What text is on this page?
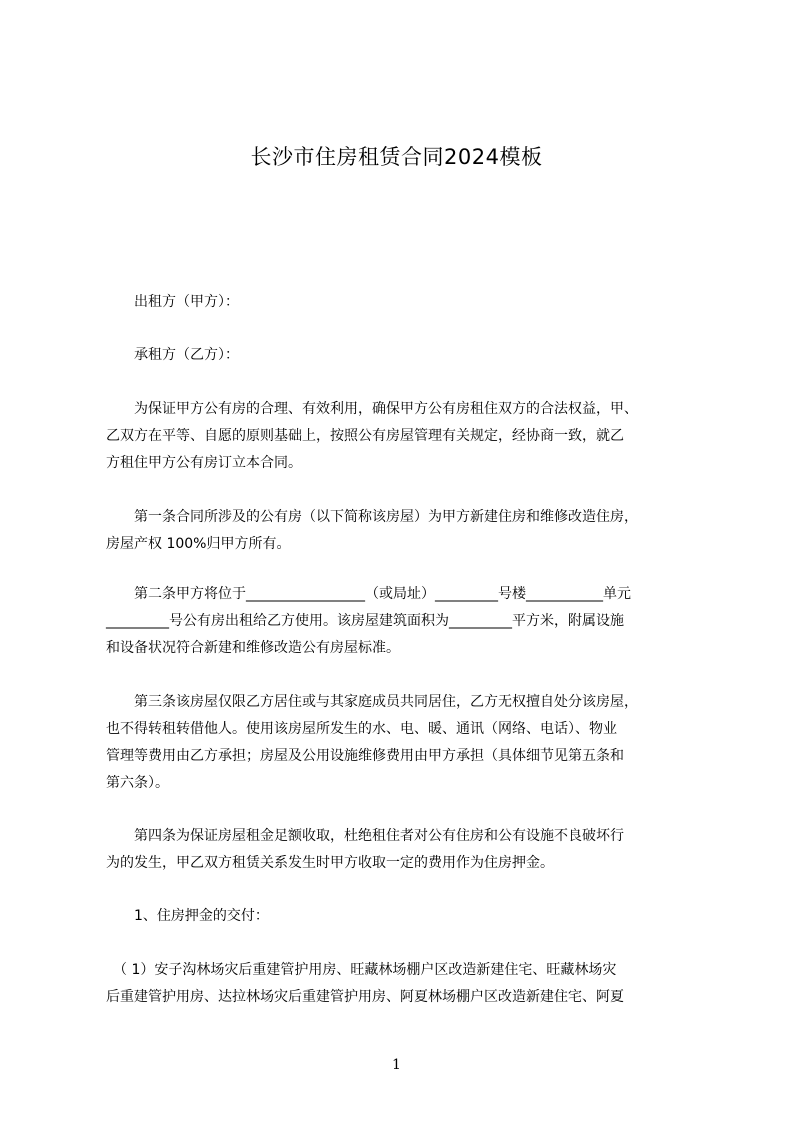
长沙市住房租赁合同2024模板
　　出租方（甲方）：
　　承租方（乙方）：
　　为保证甲方公有房的合理、有效利用，确保甲方公有房租住双方的合法权益，甲、
乙双方在平等、自愿的原则基础上，按照公有房屋管理有关规定，经协商一致，就乙
方租住甲方公有房订立本合同。
　　第一条合同所涉及的公有房（以下简称该房屋）为甲方新建住房和维修改造住房，
房屋产权 100%归甲方所有。
　　第二条甲方将位于_________________（或局址）_________号楼___________单元
_________号公有房出租给乙方使用。该房屋建筑面积为_________平方米，附属设施
和设备状况符合新建和维修改造公有房屋标准。
　　第三条该房屋仅限乙方居住或与其家庭成员共同居住，乙方无权擅自处分该房屋，
也不得转租转借他人。使用该房屋所发生的水、电、暖、通讯（网络、电话）、物业
管理等费用由乙方承担；房屋及公用设施维修费用由甲方承担（具体细节见第五条和
第六条）。
　　第四条为保证房屋租金足额收取，杜绝租住者对公有住房和公有设施不良破坏行
为的发生，甲乙双方租赁关系发生时甲方收取一定的费用作为住房押金。
　　1、住房押金的交付：
　（ 1）安子沟林场灾后重建管护用房、旺藏林场棚户区改造新建住宅、旺藏林场灾
后重建管护用房、达拉林场灾后重建管护用房、阿夏林场棚户区改造新建住宅、阿夏
1
